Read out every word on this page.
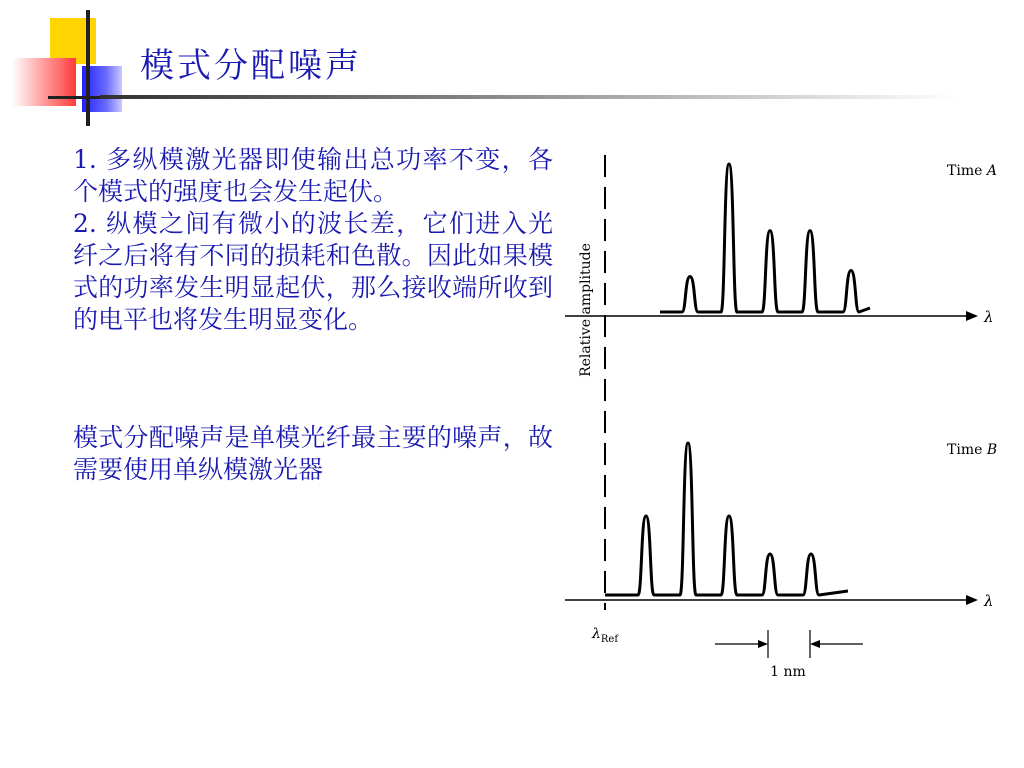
模式分配噪声

1. 多纵模激光器即使输出总功率不变，各个模式的强度也会发生起伏。

2. 纵模之间有微小的波长差，它们进入光纤之后将有不同的损耗和色散。因此如果模式的功率发生明显起伏，那么接收端所收到的电平也将发生明显变化。

模式分配噪声是单模光纤最主要的噪声，故需要使用单纵模激光器

Relative amplitude	λ
Time A
λ
Time B
$\lambda_{Ref}$
1 nm
